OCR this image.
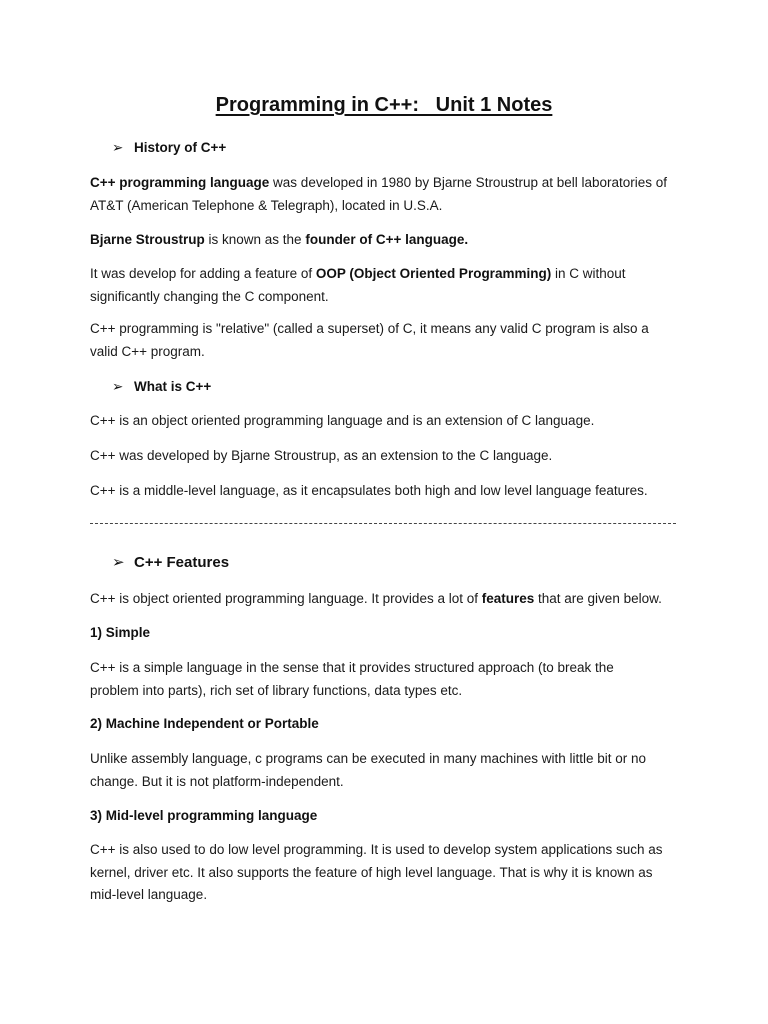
Programming in C++:   Unit 1 Notes
➢ History of C++
C++ programming language was developed in 1980 by Bjarne Stroustrup at bell laboratories of
AT&T (American Telephone & Telegraph), located in U.S.A.
Bjarne Stroustrup is known as the founder of C++ language.
It was develop for adding a feature of OOP (Object Oriented Programming) in C without
significantly changing the C component.
C++ programming is "relative" (called a superset) of C, it means any valid C program is also a
valid C++ program.
➢ What is C++
C++ is an object oriented programming language and is an extension of C language.
C++ was developed by Bjarne Stroustrup, as an extension to the C language.
C++ is a middle-level language, as it encapsulates both high and low level language features.
➢ C++ Features
C++ is object oriented programming language. It provides a lot of features that are given below.
1) Simple
C++ is a simple language in the sense that it provides structured approach (to break the
problem into parts), rich set of library functions, data types etc.
2) Machine Independent or Portable
Unlike assembly language, c programs can be executed in many machines with little bit or no
change. But it is not platform-independent.
3) Mid-level programming language
C++ is also used to do low level programming. It is used to develop system applications such as
kernel, driver etc. It also supports the feature of high level language. That is why it is known as
mid-level language.
